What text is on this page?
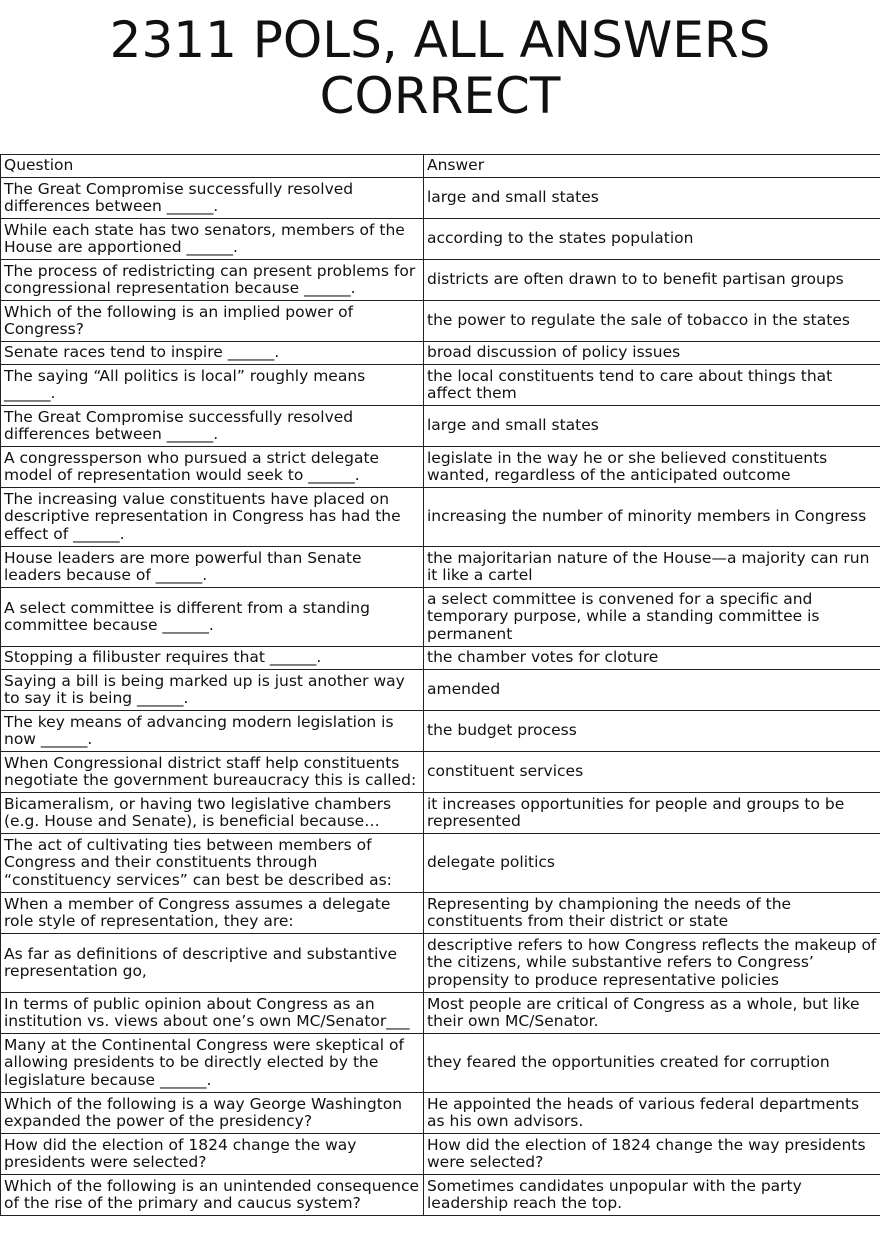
2311 POLS, ALL ANSWERS CORRECT
Question	Answer
The Great Compromise successfully resolved differences between ______.	large and small states
While each state has two senators, members of the House are apportioned ______.	according to the states population
The process of redistricting can present problems for congressional representation because ______.	districts are often drawn to to benefit partisan groups
Which of the following is an implied power of Congress?	the power to regulate the sale of tobacco in the states
Senate races tend to inspire ______.	broad discussion of policy issues
The saying “All politics is local” roughly means ______.	the local constituents tend to care about things that affect them
The Great Compromise successfully resolved differences between ______.	large and small states
A congressperson who pursued a strict delegate model of representation would seek to ______.	legislate in the way he or she believed constituents wanted, regardless of the anticipated outcome
The increasing value constituents have placed on descriptive representation in Congress has had the effect of ______.	increasing the number of minority members in Congress
House leaders are more powerful than Senate leaders because of ______.	the majoritarian nature of the House—a majority can run it like a cartel
A select committee is different from a standing committee because ______.	a select committee is convened for a specific and temporary purpose, while a standing committee is permanent
Stopping a filibuster requires that ______.	the chamber votes for cloture
Saying a bill is being marked up is just another way to say it is being ______.	amended
The key means of advancing modern legislation is now ______.	the budget process
When Congressional district staff help constituents negotiate the government bureaucracy this is called:	constituent services
Bicameralism, or having two legislative chambers (e.g. House and Senate), is beneficial because…	it increases opportunities for people and groups to be represented
The act of cultivating ties between members of Congress and their constituents through “constituency services” can best be described as:	delegate politics
When a member of Congress assumes a delegate role style of representation, they are:	Representing by championing the needs of the constituents from their district or state
As far as definitions of descriptive and substantive representation go,	descriptive refers to how Congress reflects the makeup of the citizens, while substantive refers to Congress’ propensity to produce representative policies
In terms of public opinion about Congress as an institution vs. views about one’s own MC/Senator___	Most people are critical of Congress as a whole, but like their own MC/Senator.
Many at the Continental Congress were skeptical of allowing presidents to be directly elected by the legislature because ______.	they feared the opportunities created for corruption
Which of the following is a way George Washington expanded the power of the presidency?	He appointed the heads of various federal departments as his own advisors.
How did the election of 1824 change the way presidents were selected?	How did the election of 1824 change the way presidents were selected?
Which of the following is an unintended consequence of the rise of the primary and caucus system?	Sometimes candidates unpopular with the party leadership reach the top.
